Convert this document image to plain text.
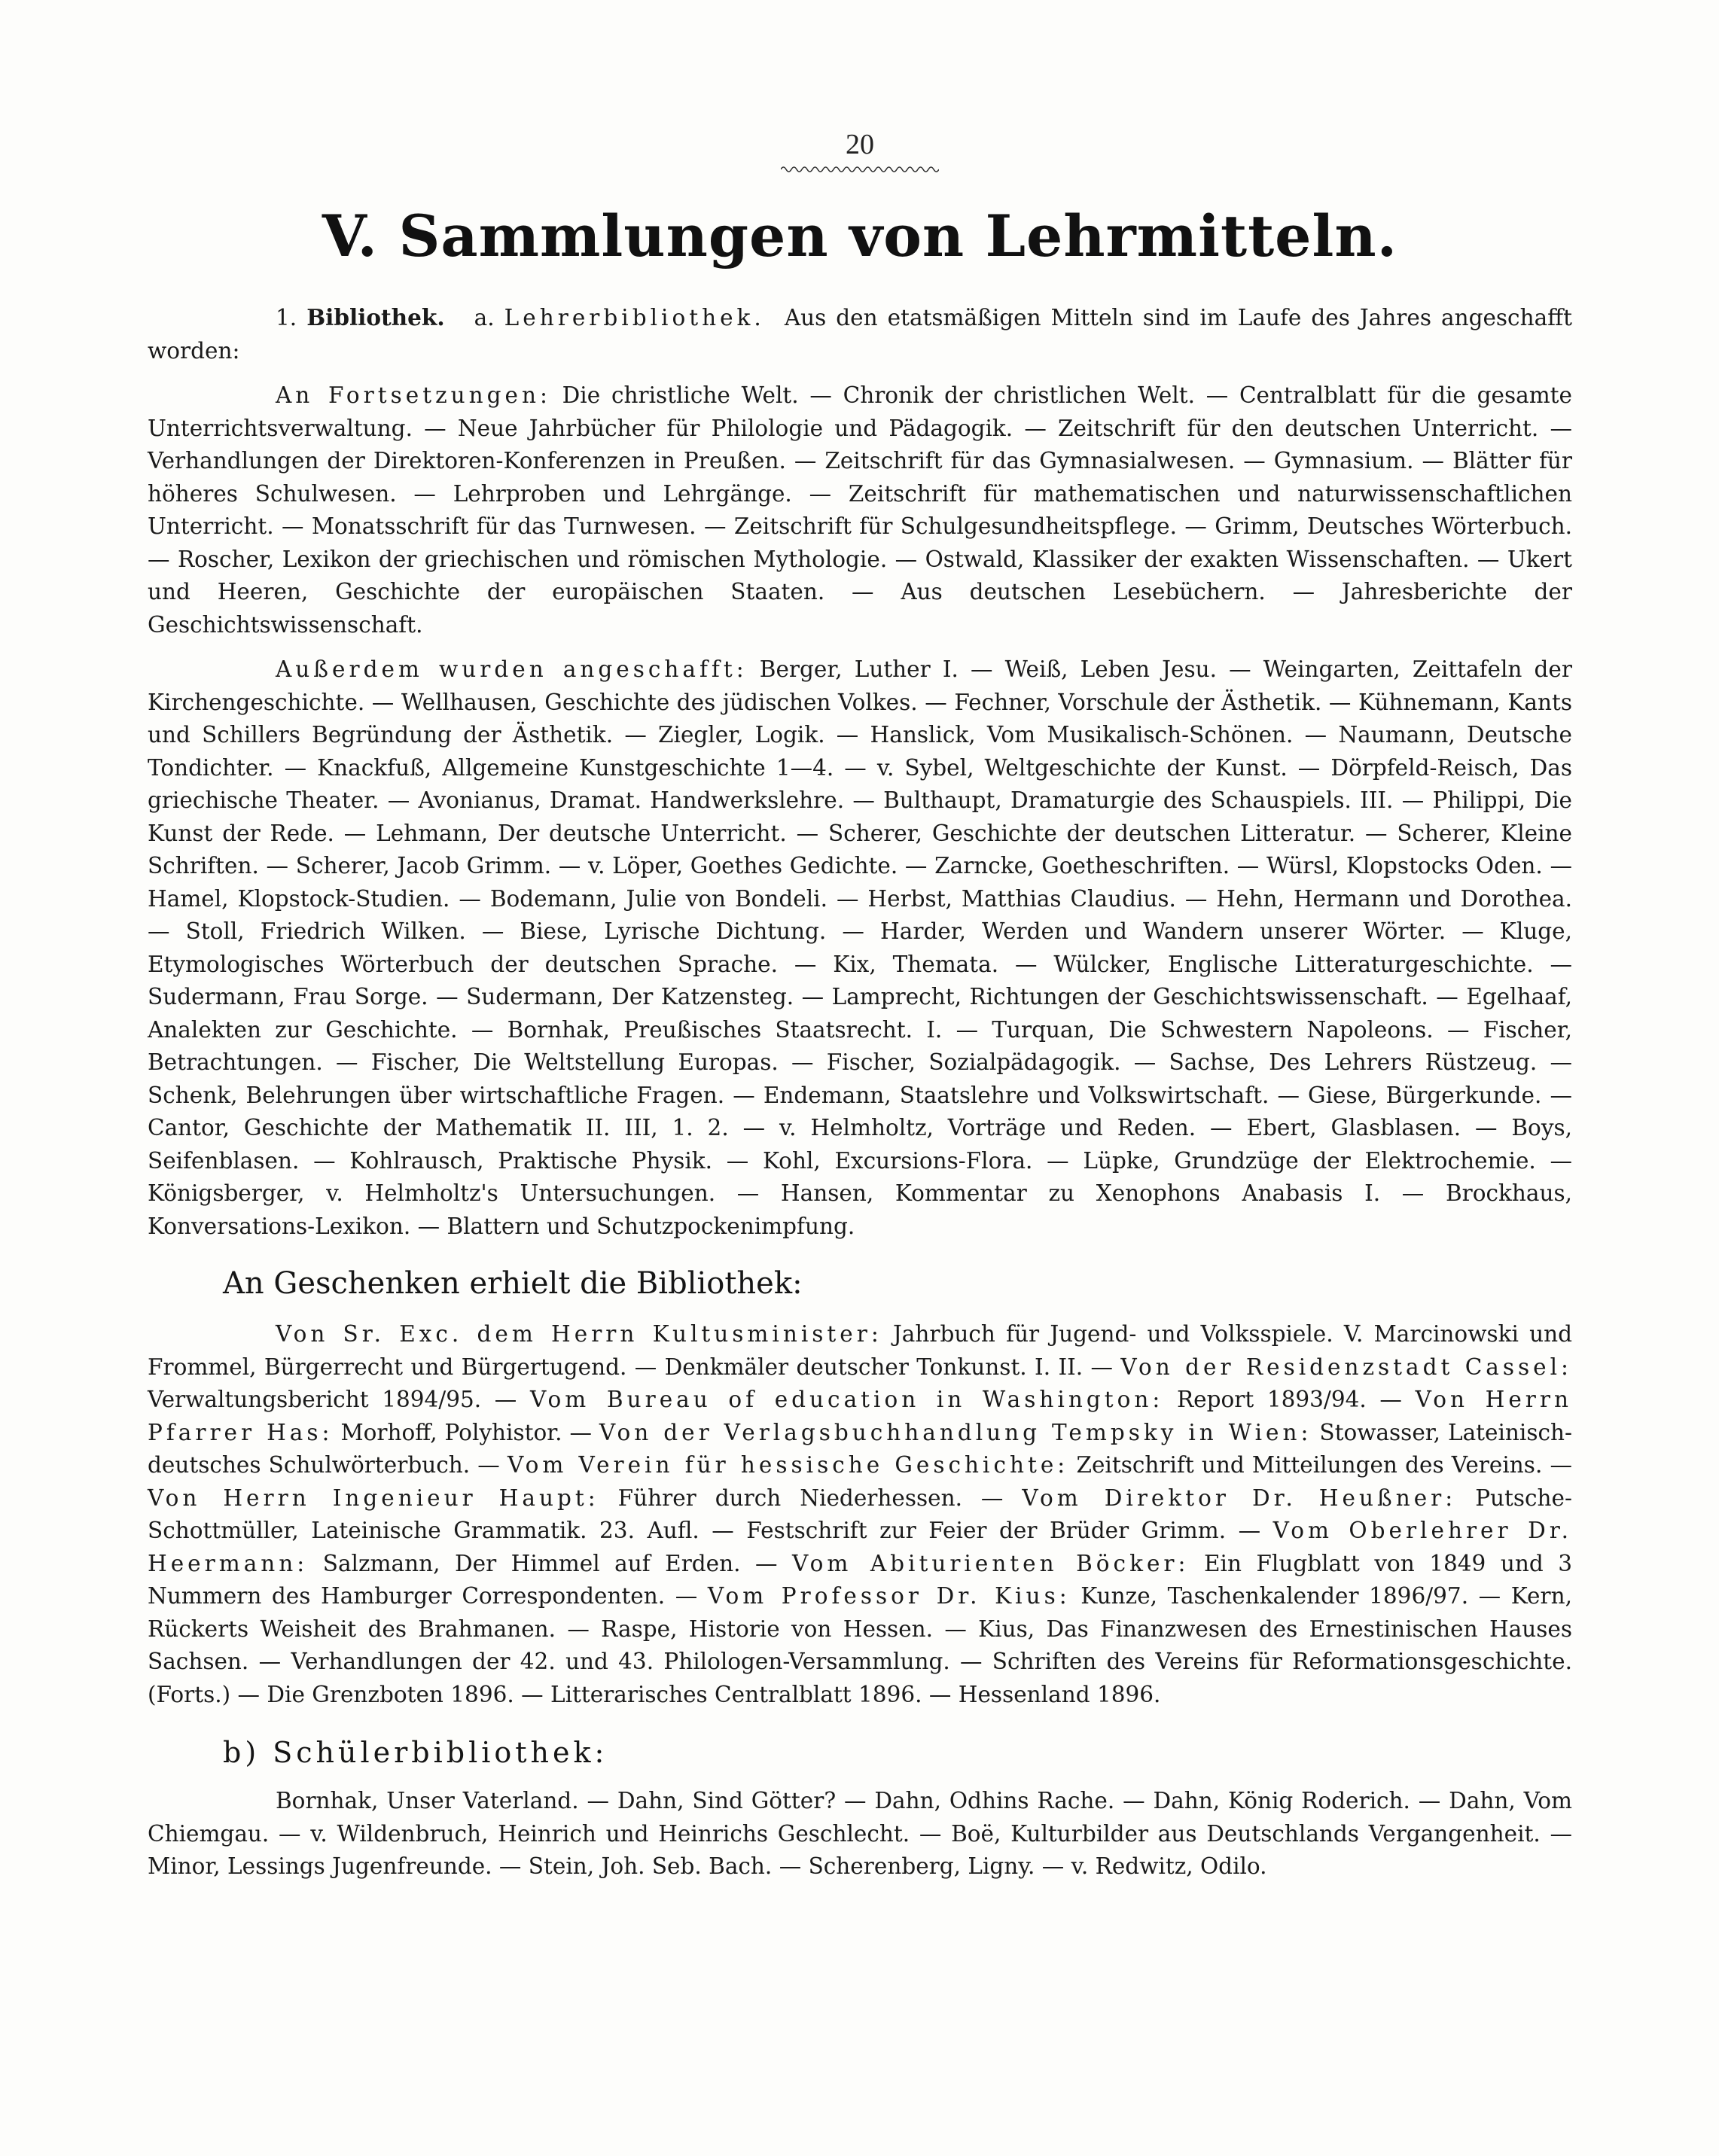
20
V. Sammlungen von Lehrmitteln.

1. Bibliothek. a. Lehrerbibliothek. Aus den etatsmäßigen Mitteln sind im Laufe des Jahres angeschafft worden:

An Fortsetzungen: Die christliche Welt. — Chronik der christlichen Welt. — Centralblatt für die gesamte Unterrichtsverwaltung. — Neue Jahrbücher für Philologie und Pädagogik. — Zeitschrift für den deutschen Unterricht. — Verhandlungen der Direktoren-Konferenzen in Preußen. — Zeitschrift für das Gymnasialwesen. — Gymnasium. — Blätter für höheres Schulwesen. — Lehrproben und Lehrgänge. — Zeitschrift für mathematischen und naturwissenschaftlichen Unterricht. — Monatsschrift für das Turnwesen. — Zeitschrift für Schulgesundheitspflege. — Grimm, Deutsches Wörterbuch. — Roscher, Lexikon der griechischen und römischen Mythologie. — Ostwald, Klassiker der exakten Wissenschaften. — Ukert und Heeren, Geschichte der europäischen Staaten. — Aus deutschen Lesebüchern. — Jahresberichte der Geschichtswissenschaft.

Außerdem wurden angeschafft: Berger, Luther I. — Weiß, Leben Jesu. — Weingarten, Zeittafeln der Kirchengeschichte. — Wellhausen, Geschichte des jüdischen Volkes. — Fechner, Vorschule der Ästhetik. — Kühnemann, Kants und Schillers Begründung der Ästhetik. — Ziegler, Logik. — Hanslick, Vom Musikalisch-Schönen. — Naumann, Deutsche Tondichter. — Knackfuß, Allgemeine Kunstgeschichte 1—4. — v. Sybel, Weltgeschichte der Kunst. — Dörpfeld-Reisch, Das griechische Theater. — Avonianus, Dramat. Handwerkslehre. — Bulthaupt, Dramaturgie des Schauspiels. III. — Philippi, Die Kunst der Rede. — Lehmann, Der deutsche Unterricht. — Scherer, Geschichte der deutschen Litteratur. — Scherer, Kleine Schriften. — Scherer, Jacob Grimm. — v. Löper, Goethes Gedichte. — Zarncke, Goetheschriften. — Würsl, Klopstocks Oden. — Hamel, Klopstock-Studien. — Bodemann, Julie von Bondeli. — Herbst, Matthias Claudius. — Hehn, Hermann und Dorothea. — Stoll, Friedrich Wilken. — Biese, Lyrische Dichtung. — Harder, Werden und Wandern unserer Wörter. — Kluge, Etymologisches Wörterbuch der deutschen Sprache. — Kix, Themata. — Wülcker, Englische Litteraturgeschichte. — Sudermann, Frau Sorge. — Sudermann, Der Katzensteg. — Lamprecht, Richtungen der Geschichtswissenschaft. — Egelhaaf, Analekten zur Geschichte. — Bornhak, Preußisches Staatsrecht. I. — Turquan, Die Schwestern Napoleons. — Fischer, Betrachtungen. — Fischer, Die Weltstellung Europas. — Fischer, Sozialpädagogik. — Sachse, Des Lehrers Rüstzeug. — Schenk, Belehrungen über wirtschaftliche Fragen. — Endemann, Staatslehre und Volkswirtschaft. — Giese, Bürgerkunde. — Cantor, Geschichte der Mathematik II. III, 1. 2. — v. Helmholtz, Vorträge und Reden. — Ebert, Glasblasen. — Boys, Seifenblasen. — Kohlrausch, Praktische Physik. — Kohl, Excursions-Flora. — Lüpke, Grundzüge der Elektrochemie. — Königsberger, v. Helmholtz's Untersuchungen. — Hansen, Kommentar zu Xenophons Anabasis I. — Brockhaus, Konversations-Lexikon. — Blattern und Schutzpockenimpfung.

An Geschenken erhielt die Bibliothek:

Von Sr. Exc. dem Herrn Kultusminister: Jahrbuch für Jugend- und Volksspiele. V. Marcinowski und Frommel, Bürgerrecht und Bürgertugend. — Denkmäler deutscher Tonkunst. I. II. — Von der Residenzstadt Cassel: Verwaltungsbericht 1894/95. — Vom Bureau of education in Washington: Report 1893/94. — Von Herrn Pfarrer Has: Morhoff, Polyhistor. — Von der Verlagsbuchhandlung Tempsky in Wien: Stowasser, Lateinisch-deutsches Schulwörterbuch. — Vom Verein für hessische Geschichte: Zeitschrift und Mitteilungen des Vereins. — Von Herrn Ingenieur Haupt: Führer durch Niederhessen. — Vom Direktor Dr. Heußner: Putsche-Schottmüller, Lateinische Grammatik. 23. Aufl. — Festschrift zur Feier der Brüder Grimm. — Vom Oberlehrer Dr. Heermann: Salzmann, Der Himmel auf Erden. — Vom Abiturienten Böcker: Ein Flugblatt von 1849 und 3 Nummern des Hamburger Correspondenten. — Vom Professor Dr. Kius: Kunze, Taschenkalender 1896/97. — Kern, Rückerts Weisheit des Brahmanen. — Raspe, Historie von Hessen. — Kius, Das Finanzwesen des Ernestinischen Hauses Sachsen. — Verhandlungen der 42. und 43. Philologen-Versammlung. — Schriften des Vereins für Reformationsgeschichte. (Forts.) — Die Grenzboten 1896. — Litterarisches Centralblatt 1896. — Hessenland 1896.

b) Schülerbibliothek:

Bornhak, Unser Vaterland. — Dahn, Sind Götter? — Dahn, Odhins Rache. — Dahn, König Roderich. — Dahn, Vom Chiemgau. — v. Wildenbruch, Heinrich und Heinrichs Geschlecht. — Boë, Kulturbilder aus Deutschlands Vergangenheit. — Minor, Lessings Jugenfreunde. — Stein, Joh. Seb. Bach. — Scherenberg, Ligny. — v. Redwitz, Odilo.
